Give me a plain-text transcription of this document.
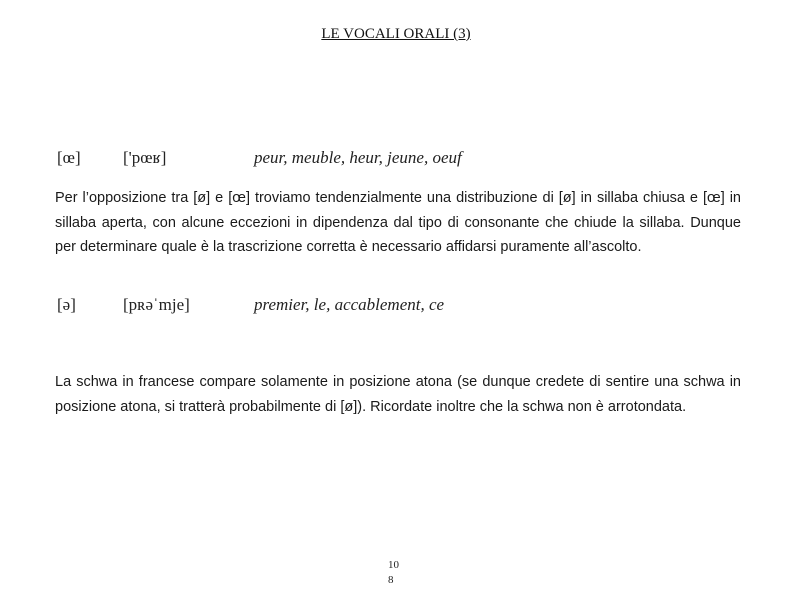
LE VOCALI ORALI (3)
[œ] ['pœʁ]	peur, meuble, heur, jeune, oeuf
Per l’opposizione tra [ø] e [œ] troviamo tendenzialmente una distribuzione di [ø] in sillaba chiusa e [œ] in sillaba aperta, con alcune eccezioni in dipendenza dal tipo di consonante che chiude la sillaba. Dunque per determinare quale è la trascrizione corretta è necessario affidarsi puramente all’ascolto.
[ə]	[pʀəˈmje]	premier, le, accablement, ce
La schwa in francese compare solamente in posizione atona (se dunque credete di sentire una schwa in posizione atona, si tratterà probabilmente di [ø]). Ricordate inoltre che la schwa non è arrotondata.
10
8
